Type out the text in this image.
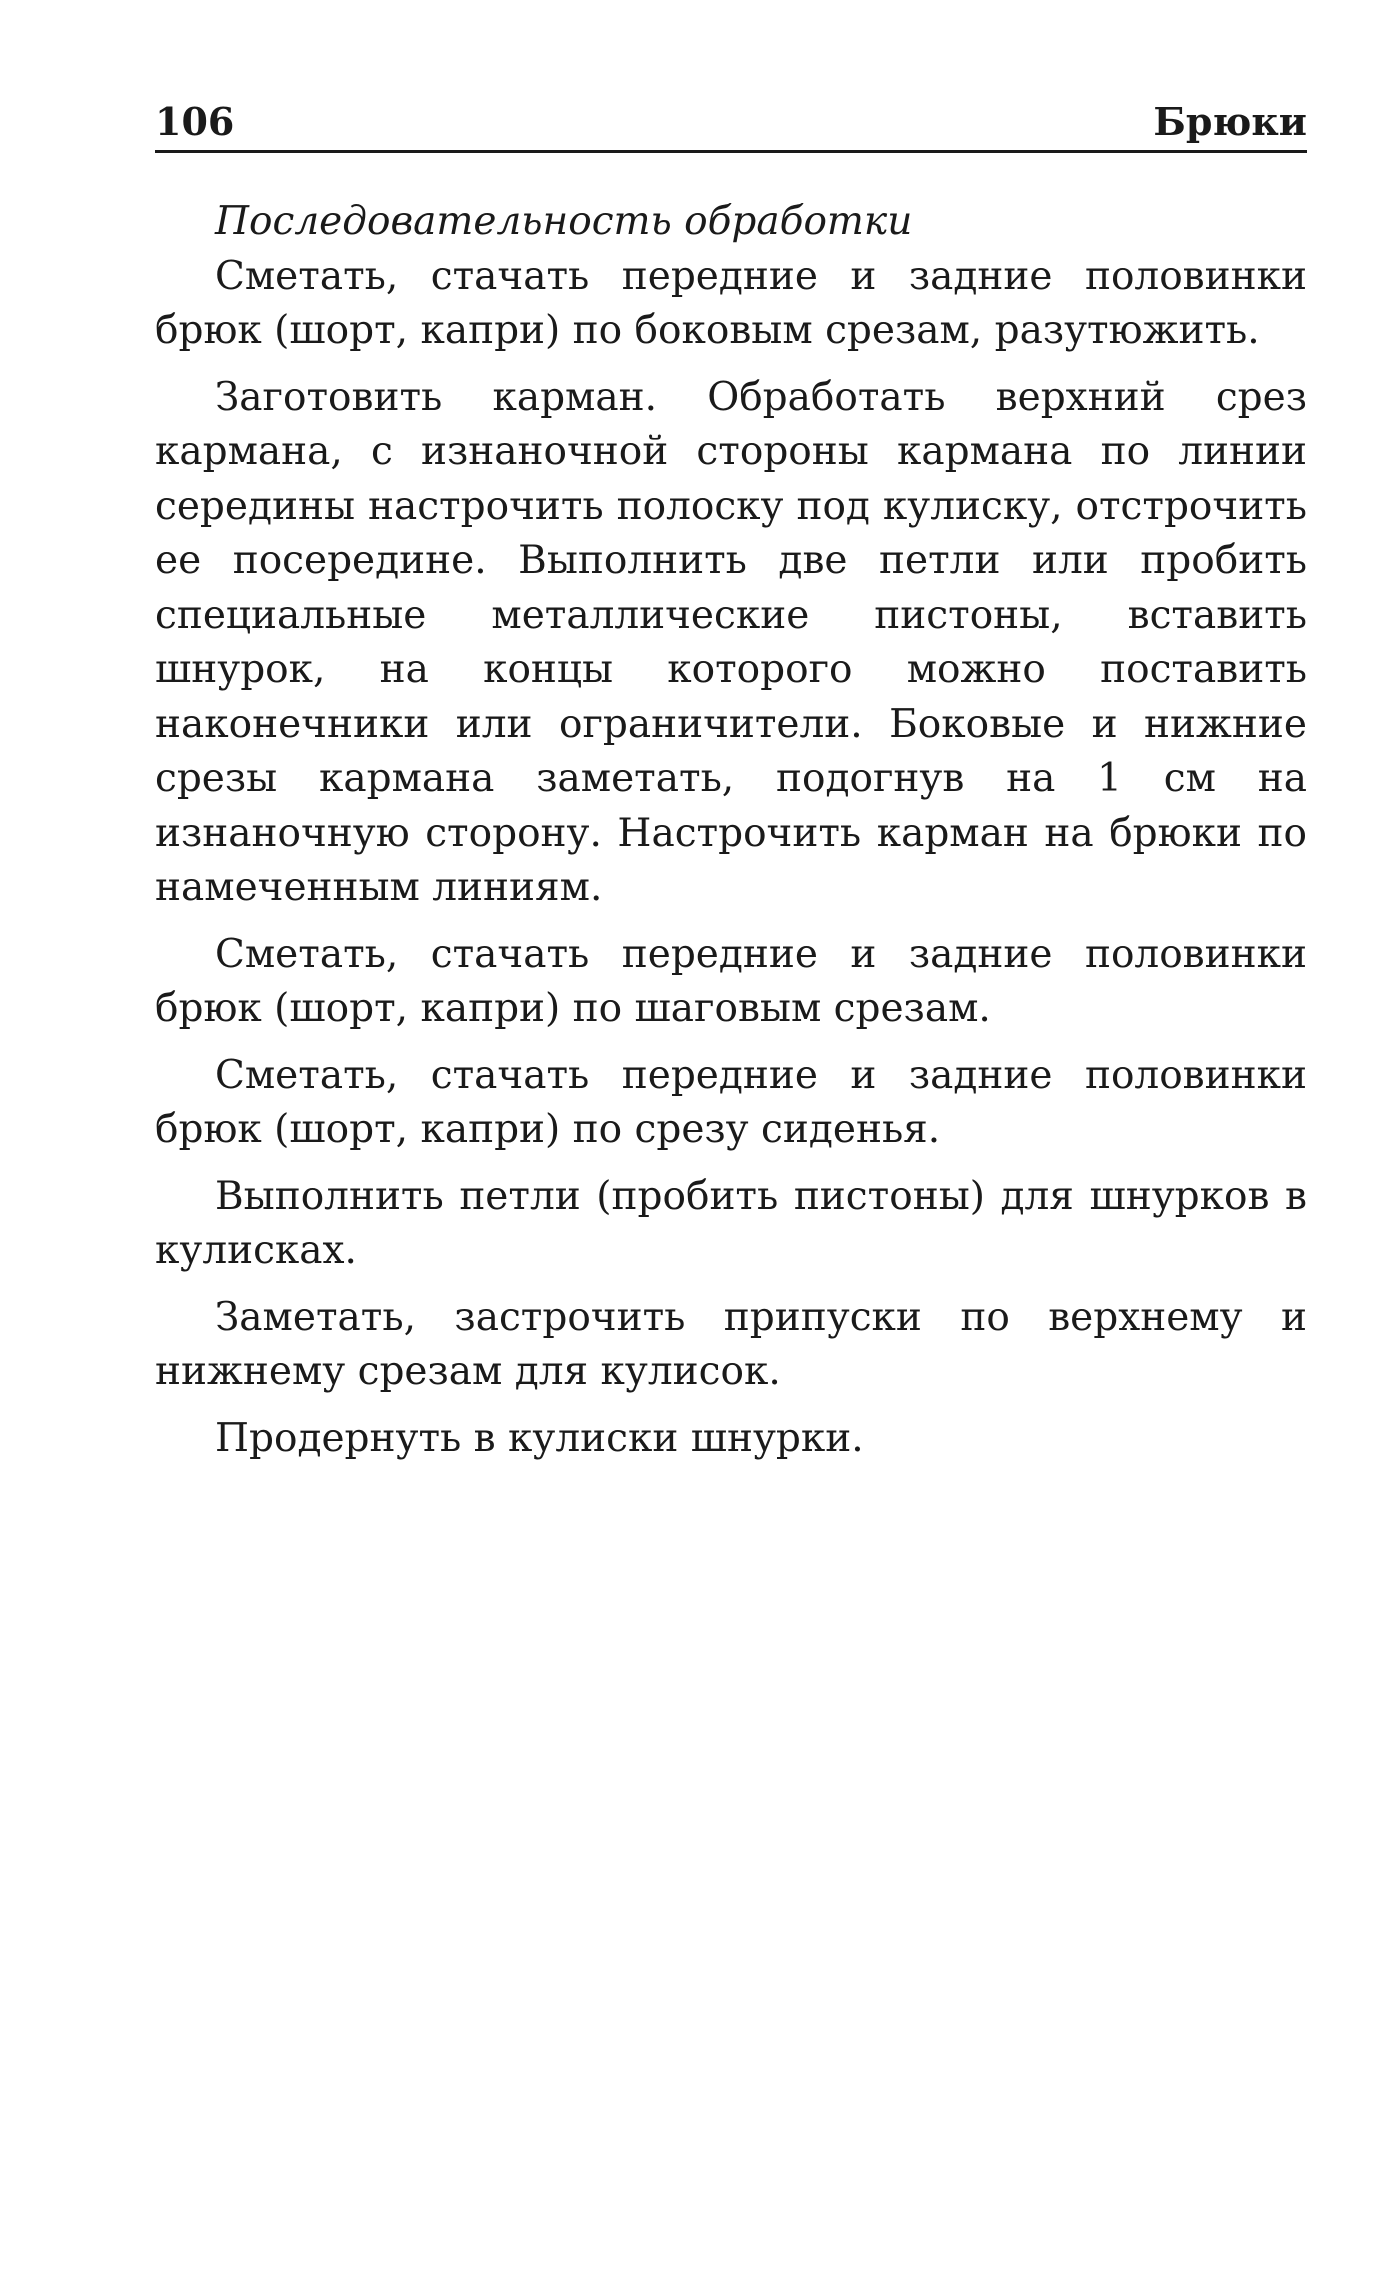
106	Брюки

Последовательность обработки

Сметать, стачать передние и задние половинки брюк (шорт, капри) по боковым срезам, разутюжить.

Заготовить карман. Обработать верхний срез кармана, с изнаночной стороны кармана по линии середины настрочить полоску под кулиску, отстрочить ее посередине. Выполнить две петли или пробить специальные металлические пистоны, вставить шнурок, на концы которого можно поставить наконечники или ограничители. Боковые и нижние срезы кармана заметать, подогнув на 1 см на изнаночную сторону. Настрочить карман на брюки по намеченным линиям.

Сметать, стачать передние и задние половинки брюк (шорт, капри) по шаговым срезам.

Сметать, стачать передние и задние половинки брюк (шорт, капри) по срезу сиденья.

Выполнить петли (пробить пистоны) для шнурков в кулисках.

Заметать, застрочить припуски по верхнему и нижнему срезам для кулисок.

Продернуть в кулиски шнурки.
